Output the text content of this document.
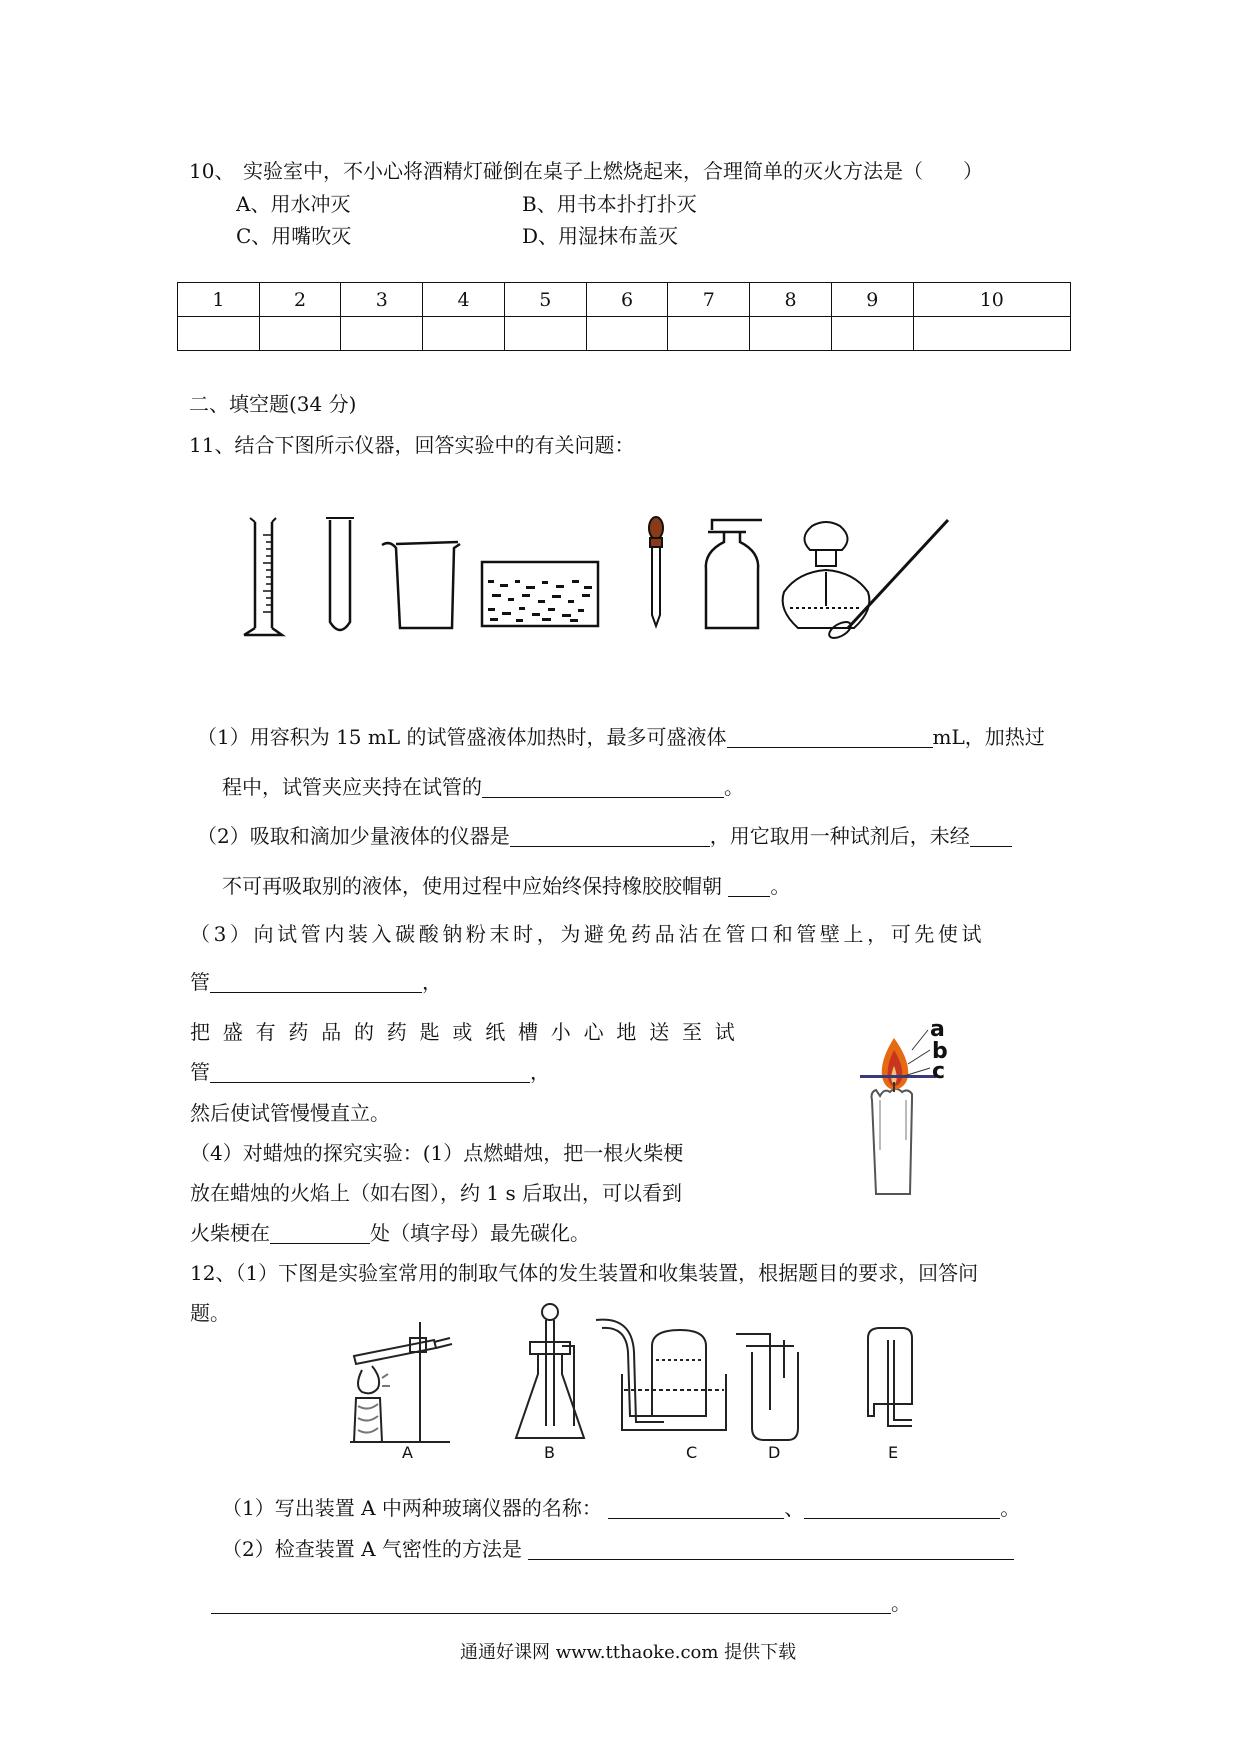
10、 实验室中，不小心将酒精灯碰倒在桌子上燃烧起来，合理简单的灭火方法是（　　）
A、用水冲灭	B、用书本扑打扑灭
C、用嘴吹灭	D、用湿抹布盖灭
1	2	3	4	5	6	7	8	9	10

二、填空题(34 分)
11、结合下图所示仪器，回答实验中的有关问题：
（1）用容积为 15 mL 的试管盛液体加热时，最多可盛液体	mL，加热过
程中，试管夹应夹持在试管的	。
（2）吸取和滴加少量液体的仪器是	，用它取用一种试剂后，未经
不可再吸取别的液体，使用过程中应始终保持橡胶胶帽朝 。
（3）向试管内装入碳酸钠粉末时，为避免药品沾在管口和管壁上，可先使试
管	，
把盛有药品的药匙或纸槽小心地送至试
管	，
然后使试管慢慢直立。
（4）对蜡烛的探究实验：(1）点燃蜡烛，把一根火柴梗
放在蜡烛的火焰上（如右图），约 1 s 后取出，可以看到
火柴梗在	处（填字母）最先碳化。
a
b
c
12、（1）下图是实验室常用的制取气体的发生装置和收集装置，根据题目的要求，回答问
题。
A	B	C	D	E
（1）写出装置 A 中两种玻璃仪器的名称：	、	。
（2）检查装置 A 气密性的方法是
。
通通好课网 www.tthaoke.com 提供下载
